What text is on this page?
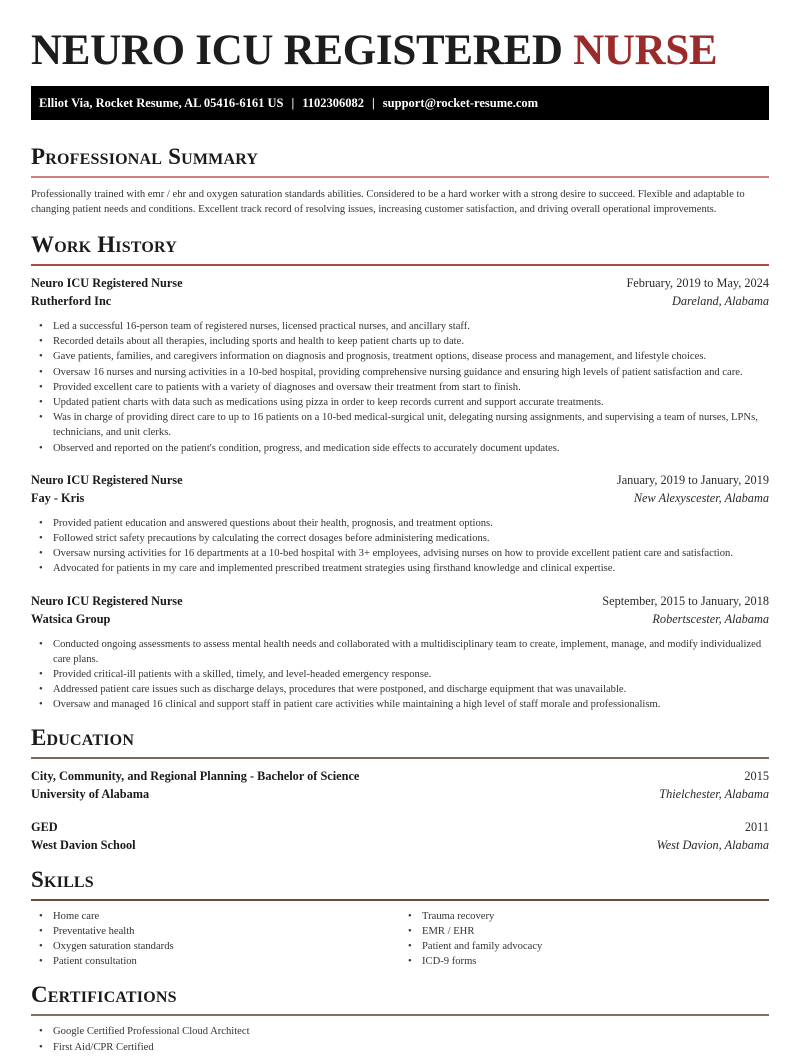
NEURO ICU REGISTERED NURSE
Elliot Via, Rocket Resume, AL 05416-6161 US | 1102306082 | support@rocket-resume.com
Professional Summary

Professionally trained with emr / ehr and oxygen saturation standards abilities. Considered to be a hard worker with a strong desire to succeed. Flexible and adaptable to changing patient needs and conditions. Excellent track record of resolving issues, increasing customer satisfaction, and driving overall operational improvements.

Work History
Neuro ICU Registered Nurse	February, 2019 to May, 2024
Rutherford Inc	Dareland, Alabama
• Led a successful 16-person team of registered nurses, licensed practical nurses, and ancillary staff.
• Recorded details about all therapies, including sports and health to keep patient charts up to date.
• Gave patients, families, and caregivers information on diagnosis and prognosis, treatment options, disease process and management, and lifestyle choices.
• Oversaw 16 nurses and nursing activities in a 10-bed hospital, providing comprehensive nursing guidance and ensuring high levels of patient satisfaction and care.
• Provided excellent care to patients with a variety of diagnoses and oversaw their treatment from start to finish.
• Updated patient charts with data such as medications using pizza in order to keep records current and support accurate treatments.
• Was in charge of providing direct care to up to 16 patients on a 10-bed medical-surgical unit, delegating nursing assignments, and supervising a team of nurses, LPNs, technicians, and unit clerks.
• Observed and reported on the patient's condition, progress, and medication side effects to accurately document updates.
Neuro ICU Registered Nurse	January, 2019 to January, 2019
Fay - Kris	New Alexyscester, Alabama
• Provided patient education and answered questions about their health, prognosis, and treatment options.
• Followed strict safety precautions by calculating the correct dosages before administering medications.
• Oversaw nursing activities for 16 departments at a 10-bed hospital with 3+ employees, advising nurses on how to provide excellent patient care and satisfaction.
• Advocated for patients in my care and implemented prescribed treatment strategies using firsthand knowledge and clinical expertise.
Neuro ICU Registered Nurse	September, 2015 to January, 2018
Watsica Group	Robertscester, Alabama
• Conducted ongoing assessments to assess mental health needs and collaborated with a multidisciplinary team to create, implement, manage, and modify individualized care plans.
• Provided critical-ill patients with a skilled, timely, and level-headed emergency response.
• Addressed patient care issues such as discharge delays, procedures that were postponed, and discharge equipment that was unavailable.
• Oversaw and managed 16 clinical and support staff in patient care activities while maintaining a high level of staff morale and professionalism.
Education
City, Community, and Regional Planning - Bachelor of Science	2015
University of Alabama	Thielchester, Alabama
GED	2011
West Davion School	West Davion, Alabama
Skills
• Home care
• Preventative health
• Oxygen saturation standards
• Patient consultation
• Trauma recovery
• EMR / EHR
• Patient and family advocacy
• ICD-9 forms
Certifications
• Google Certified Professional Cloud Architect
• First Aid/CPR Certified
